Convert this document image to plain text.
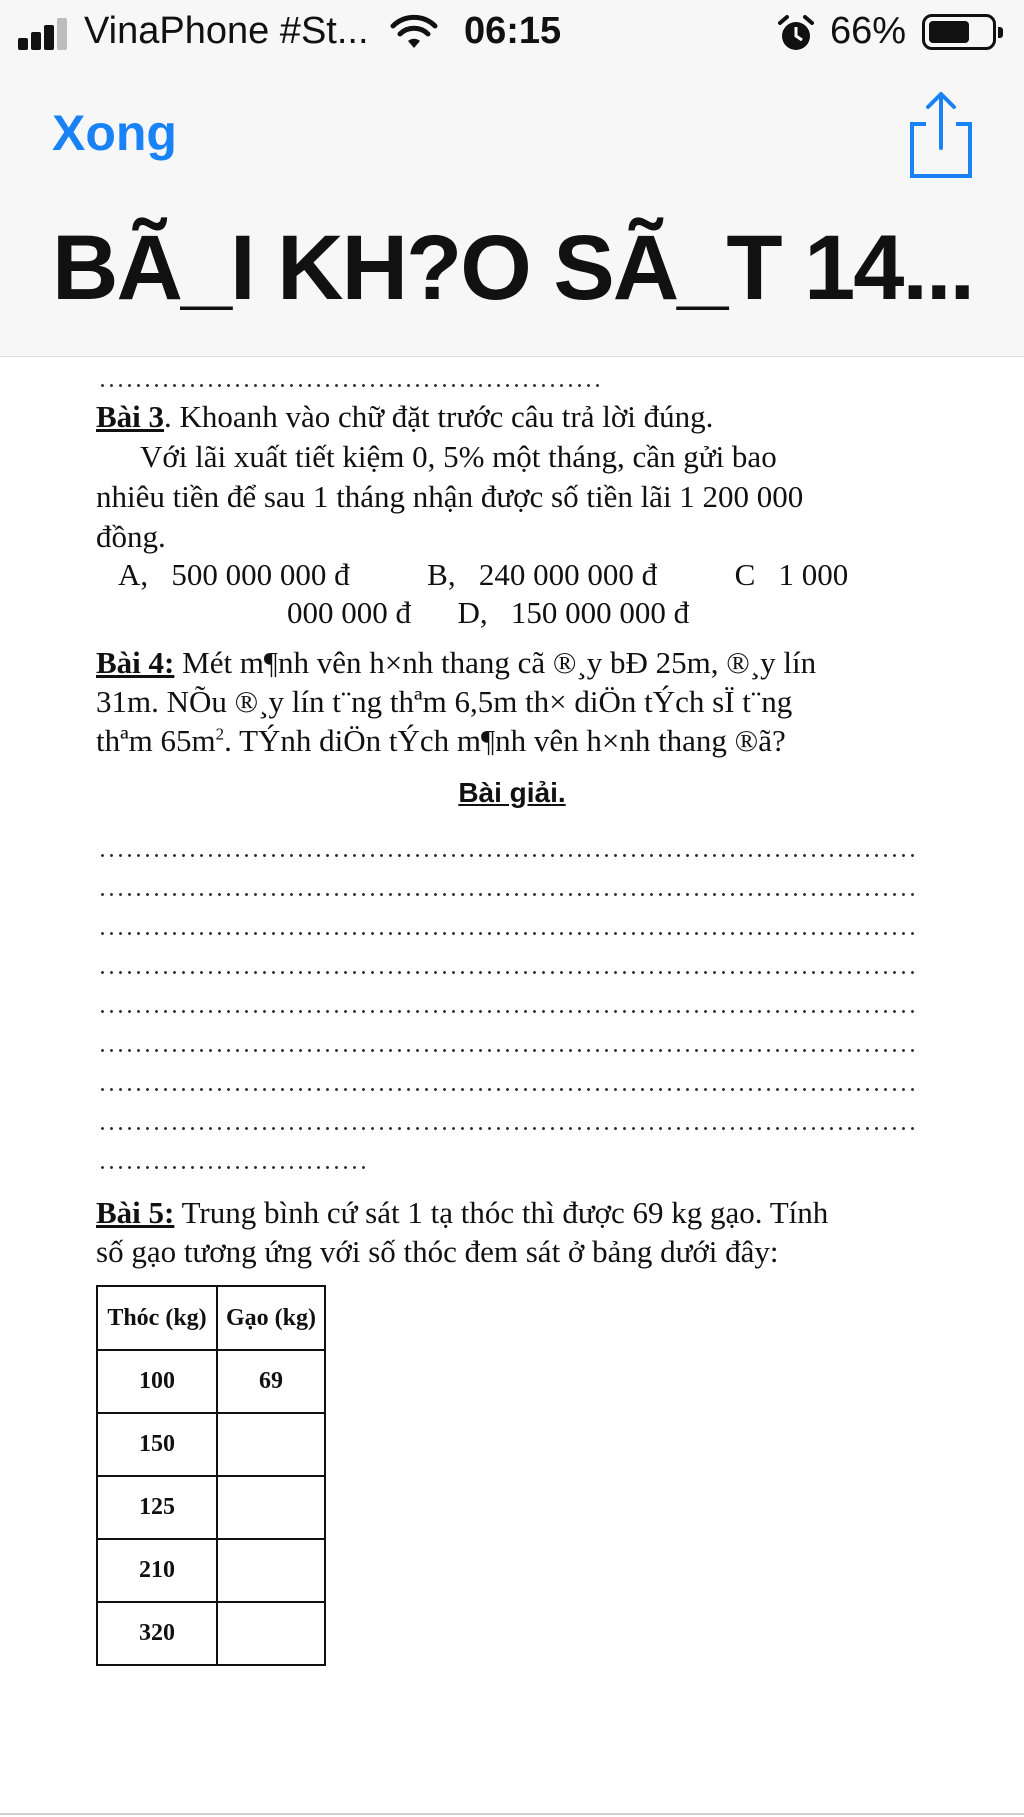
VinaPhone #St...	06:15	66%
Xong
BÃ_I KH?O SÃ_T 14...
Bài 3. Khoanh vào chữ đặt trước câu trả lời đúng.
Với lãi xuất tiết kiệm 0, 5% một tháng, cần gửi bao
nhiêu tiền để sau 1 tháng nhận được số tiền lãi 1 200 000
đồng.
A,   500 000 000 đ          B,   240 000 000 đ          C   1 000
000 000 đ      D,   150 000 000 đ
Bài 4: Mét m¶nh vên h×nh thang cã ®¸y bÐ 25m, ®¸y lín
31m. NÕu ®¸y lín t¨ng thªm 6,5m th× diÖn tÝch sÏ t¨ng
thªm $65m^2$. TÝnh diÖn tÝch m¶nh vên h×nh thang ®ã?
Bài giải.
Bài 5: Trung bình cứ sát 1 tạ thóc thì được 69 kg gạo. Tính
số gạo tương ứng với số thóc đem sát ở bảng dưới đây:
Thóc (kg)	Gạo (kg)
100	69
150	
125	
210	
320	
